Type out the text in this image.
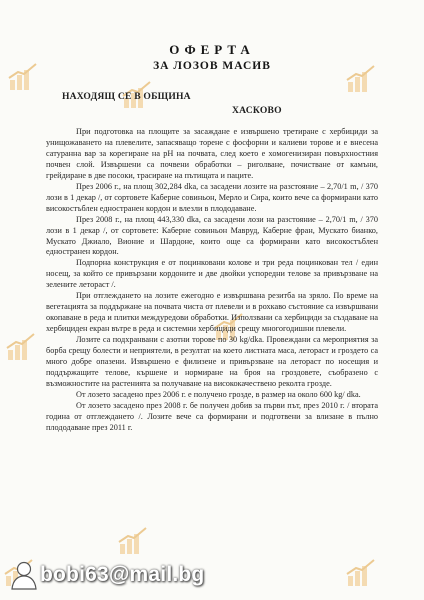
ОФЕРТА
ЗА ЛОЗОВ МАСИВ
НАХОДЯЩ СЕ В ОБЩИНА
ХАСКОВО

При подготовка на площите за засаждане е извършено третиране с хербициди за унищожаването на плевелите, запасяващо торене с фосфорни и калиеви торове и е внесена сатуранна вар за корегиране на pH на почвата, след което е хомогенизиран повърхностния почвен слой. Извършени са почвени обработки – риголване, почистване от камъни, грейдиране в две посоки, трасиране на пътищата и паците.

През 2006 г., на площ 302,284 dka, са засадени лозите на разстояние – 2,70/1 m, / 370 лози в 1 декар /, от сортовете Каберне совиньон, Мерло и Сира, които вече са формирани като високостъблен едностранен кордон и влезли в плододаване.

През 2008 г., на площ 443,330 dka, са засадени лози на разстояние – 2,70/1 m, / 370 лози в 1 декар /, от сортовете: Каберне совиньон Мавруд, Каберне фран, Мускато бианко, Мускато Джиало, Вионие и Шардоне, които още са формирани като високостъблен едностранен кордон.

Подпорна конструкция е от поцинковани колове и три реда поцинкован тел / един носещ, за който се привързани кордоните и две двойки успоредни телове за привързване на зелените летораст /.

При отглеждането на лозите ежегодно е извършвана резитба на зряло. По време на вегетацията за поддържане на почвата чиста от плевели и в рохкаво състояние са извършвани окопаване в реда и плитки междуредови обработки. Използвани са хербициди за създаване на хербициден екран вътре в реда и системни хербициди срещу многогодишни плевели.

Лозите са подхранвани с азотни торове по 30 kg/dka. Провеждани са мероприятия за борба срещу болести и неприятели, в резултат на което листната маса, летораст и гроздето са много добре опазени. Извършено е филизене и привързване на летораст по носещия и поддържащите телове, кършене и нормиране на броя на гроздовете, съобразено с възможностите на растенията за получаване на висококачествено реколта грозде.

От лозето засадено през 2006 г. е получено грозде, в размер на около 600 kg/ dka.

От лозето засадено през 2008 г. бе получен добив за първи път, през 2010 г. / втората година от отглеждането /. Лозите вече са формирани и подготвени за влизане в пълно плододаване през 2011 г.

bobi63@mail.bg
